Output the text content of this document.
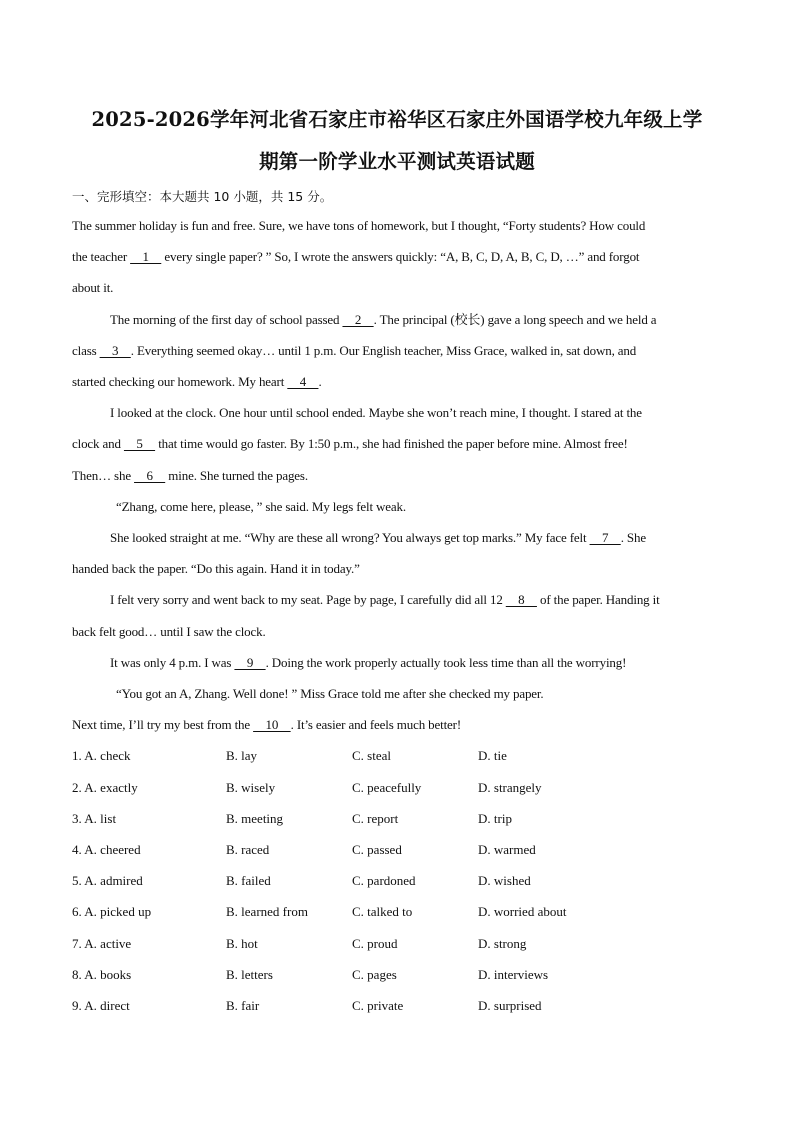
2025-2026学年河北省石家庄市裕华区石家庄外国语学校九年级上学
期第一阶学业水平测试英语试题
一、完形填空：本大题共 10 小题，共 15 分。
The summer holiday is fun and free. Sure, we have tons of homework, but I thought, “Forty students? How could
the teacher     1     every single paper? ” So, I wrote the answers quickly: “A, B, C, D, A, B, C, D, …” and forgot
about it.
The morning of the first day of school passed     2    . The principal (校长) gave a long speech and we held a
class     3    . Everything seemed okay… until 1 p.m. Our English teacher, Miss Grace, walked in, sat down, and
started checking our homework. My heart     4    .
I looked at the clock. One hour until school ended. Maybe she won’t reach mine, I thought. I stared at the
clock and     5     that time would go faster. By 1:50 p.m., she had finished the paper before mine. Almost free!
Then… she     6     mine. She turned the pages.
“Zhang, come here, please, ” she said. My legs felt weak.
She looked straight at me. “Why are these all wrong? You always get top marks.” My face felt     7    . She
handed back the paper. “Do this again. Hand it in today.”
I felt very sorry and went back to my seat. Page by page, I carefully did all 12     8     of the paper. Handing it
back felt good… until I saw the clock.
It was only 4 p.m. I was     9    . Doing the work properly actually took less time than all the worrying!
“You got an A, Zhang. Well done! ” Miss Grace told me after she checked my paper.
Next time, I’ll try my best from the     10    . It’s easier and feels much better!
1. A. check	B. lay	C. steal	D. tie
2. A. exactly	B. wisely	C. peacefully	D. strangely
3. A. list	B. meeting	C. report	D. trip
4. A. cheered	B. raced	C. passed	D. warmed
5. A. admired	B. failed	C. pardoned	D. wished
6. A. picked up	B. learned from	C. talked to	D. worried about
7. A. active	B. hot	C. proud	D. strong
8. A. books	B. letters	C. pages	D. interviews
9. A. direct	B. fair	C. private	D. surprised
